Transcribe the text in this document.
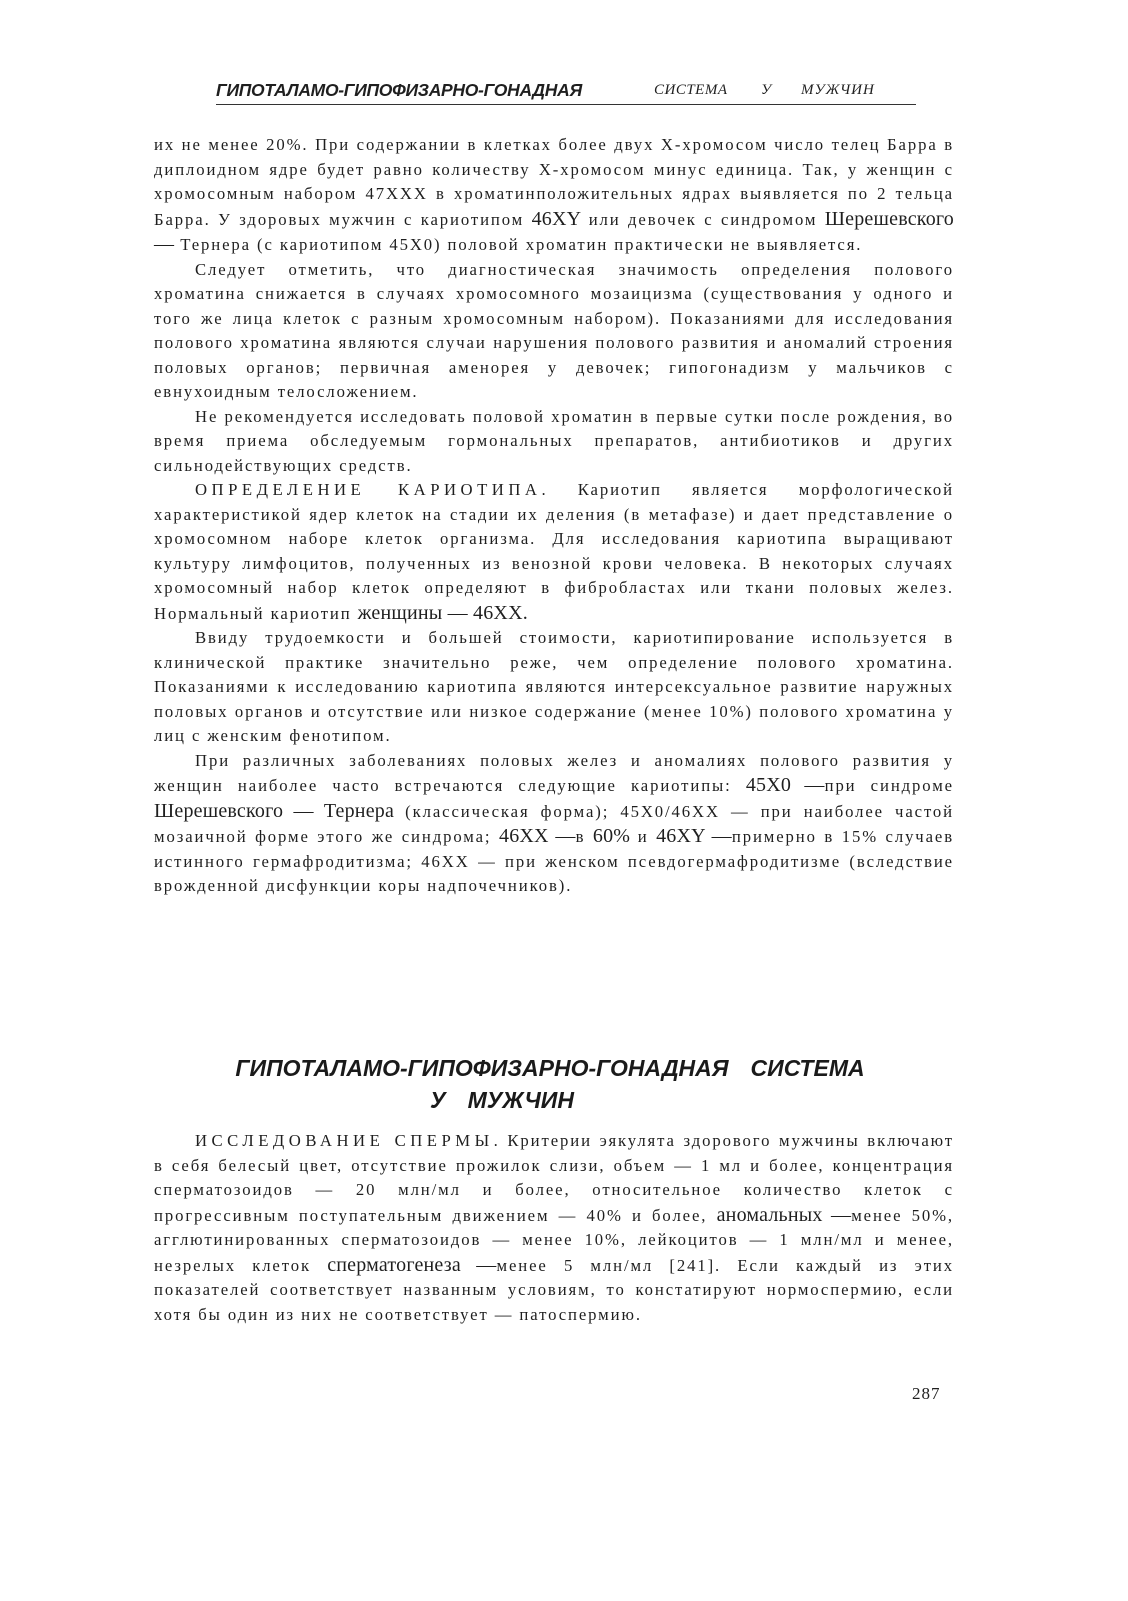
ГИПОТАЛАМО-ГИПОФИЗАРНО-ГОНАДНАЯ	СИСТЕМА У МУЖЧИН

их не менее 20%. При содержании в клетках более двух Х-хромосом число телец Барра в диплоидном ядре будет равно количеству Х-хромосом минус единица. Так, у женщин с хромосомным набором 47XXX в хроматинположительных ядрах выявляется по 2 тельца Барра. У здоровых мужчин с кариотипом 46XY или девочек с синдромом Шерешевского — Тернера (с кариотипом 45Х0) половой хроматин практически не выявляется.

Следует отметить, что диагностическая значимость определения полового хроматина снижается в случаях хромосомного мозаицизма (существования у одного и того же лица клеток с разным хромосомным набором). Показаниями для исследования полового хроматина являются случаи нарушения полового развития и аномалий строения половых органов; первичная аменорея у девочек; гипогонадизм у мальчиков с евнухоидным телосложением.

Не рекомендуется исследовать половой хроматин в первые сутки после рождения, во время приема обследуемым гормональных препаратов, антибиотиков и других сильнодействующих средств.

ОПРЕДЕЛЕНИЕ КАРИОТИПА. Кариотип является морфологической характеристикой ядер клеток на стадии их деления (в метафазе) и дает представление о хромосомном наборе клеток организма. Для исследования кариотипа выращивают культуру лимфоцитов, полученных из венозной крови человека. В некоторых случаях хромосомный набор клеток определяют в фибробластах или ткани половых желез. Нормальный кариотип женщины — 46XX.

Ввиду трудоемкости и большей стоимости, кариотипирование используется в клинической практике значительно реже, чем определение полового хроматина. Показаниями к исследованию кариотипа являются интерсексуальное развитие наружных половых органов и отсутствие или низкое содержание (менее 10%) полового хроматина у лиц с женским фенотипом.

При различных заболеваниях половых желез и аномалиях полового развития у женщин наиболее часто встречаются следующие кариотипы: 45Х0 —при синдроме Шерешевского — Тернера (классическая форма); 45X0/46XX — при наиболее частой мозаичной форме этого же синдрома; 46XX —в 60% и 46XY —примерно в 15% случаев истинного гермафродитизма; 46XX — при женском псевдогермафродитизме (вследствие врожденной дисфункции коры надпочечников).

ГИПОТАЛАМО-ГИПОФИЗАРНО-ГОНАДНАЯ СИСТЕМА
У МУЖЧИН

ИССЛЕДОВАНИЕ СПЕРМЫ. Критерии эякулята здорового мужчины включают в себя белесый цвет, отсутствие прожилок слизи, объем — 1 мл и более, концентрация сперматозоидов — 20 млн/мл и более, относительное количество клеток с прогрессивным поступательным движением — 40% и более, аномальных —менее 50%, агглютинированных сперматозоидов — менее 10%, лейкоцитов — 1 млн/мл и менее, незрелых клеток сперматогенеза —менее 5 млн/мл [241]. Если каждый из этих показателей соответствует названным условиям, то констатируют нормоспермию, если хотя бы один из них не соответствует — патоспермию.

287
